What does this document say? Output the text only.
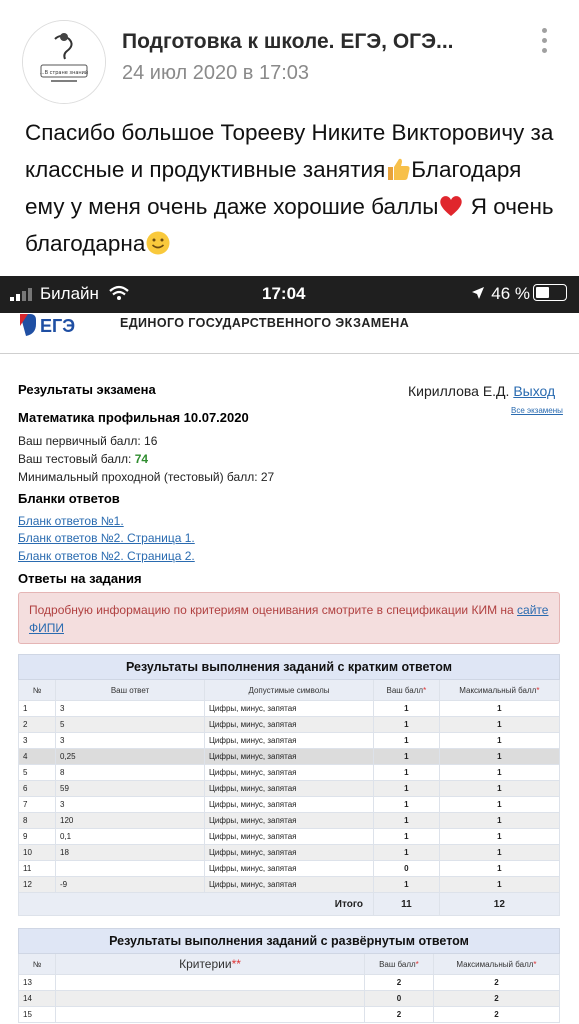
...В стране знаний
Подготовка к школе. ЕГЭ, ОГЭ...
24 июл 2020 в 17:03
Спасибо большое Торееву Никите Викторовичу за классные и продуктивные занятия Благодаря ему у меня очень даже хорошие баллы Я очень благодарна
Билайн	17:04	46 %
ЕГЭ	ЕДИНОГО ГОСУДАРСТВЕННОГО ЭКЗАМЕНА
Результаты экзамена	Кириллова Е.Д. Выход
Все экзамены
Математика профильная 10.07.2020
Ваш первичный балл: 16
Ваш тестовый балл: 74
Минимальный проходной (тестовый) балл: 27
Бланки ответов
Бланк ответов №1.
Бланк ответов №2. Страница 1.
Бланк ответов №2. Страница 2.
Ответы на задания
Подробную информацию по критериям оценивания смотрите в спецификации КИМ на сайте ФИПИ
Результаты выполнения заданий с кратким ответом				
№	Ваш ответ	Допустимые символы	Ваш балл*	Максимальный балл*
1	3	Цифры, минус, запятая	1	1
2	5	Цифры, минус, запятая	1	1
3	3	Цифры, минус, запятая	1	1
4	0,25	Цифры, минус, запятая	1	1
5	8	Цифры, минус, запятая	1	1
6	59	Цифры, минус, запятая	1	1
7	3	Цифры, минус, запятая	1	1
8	120	Цифры, минус, запятая	1	1
9	0,1	Цифры, минус, запятая	1	1
10	18	Цифры, минус, запятая	1	1
11		Цифры, минус, запятая	0	1
12	-9	Цифры, минус, запятая	1	1
Итого			11	12
Результаты выполнения заданий с развёрнутым ответом			
№	Критерии**	Ваш балл*	Максимальный балл*
13		2	2
14		0	2
15		2	2
